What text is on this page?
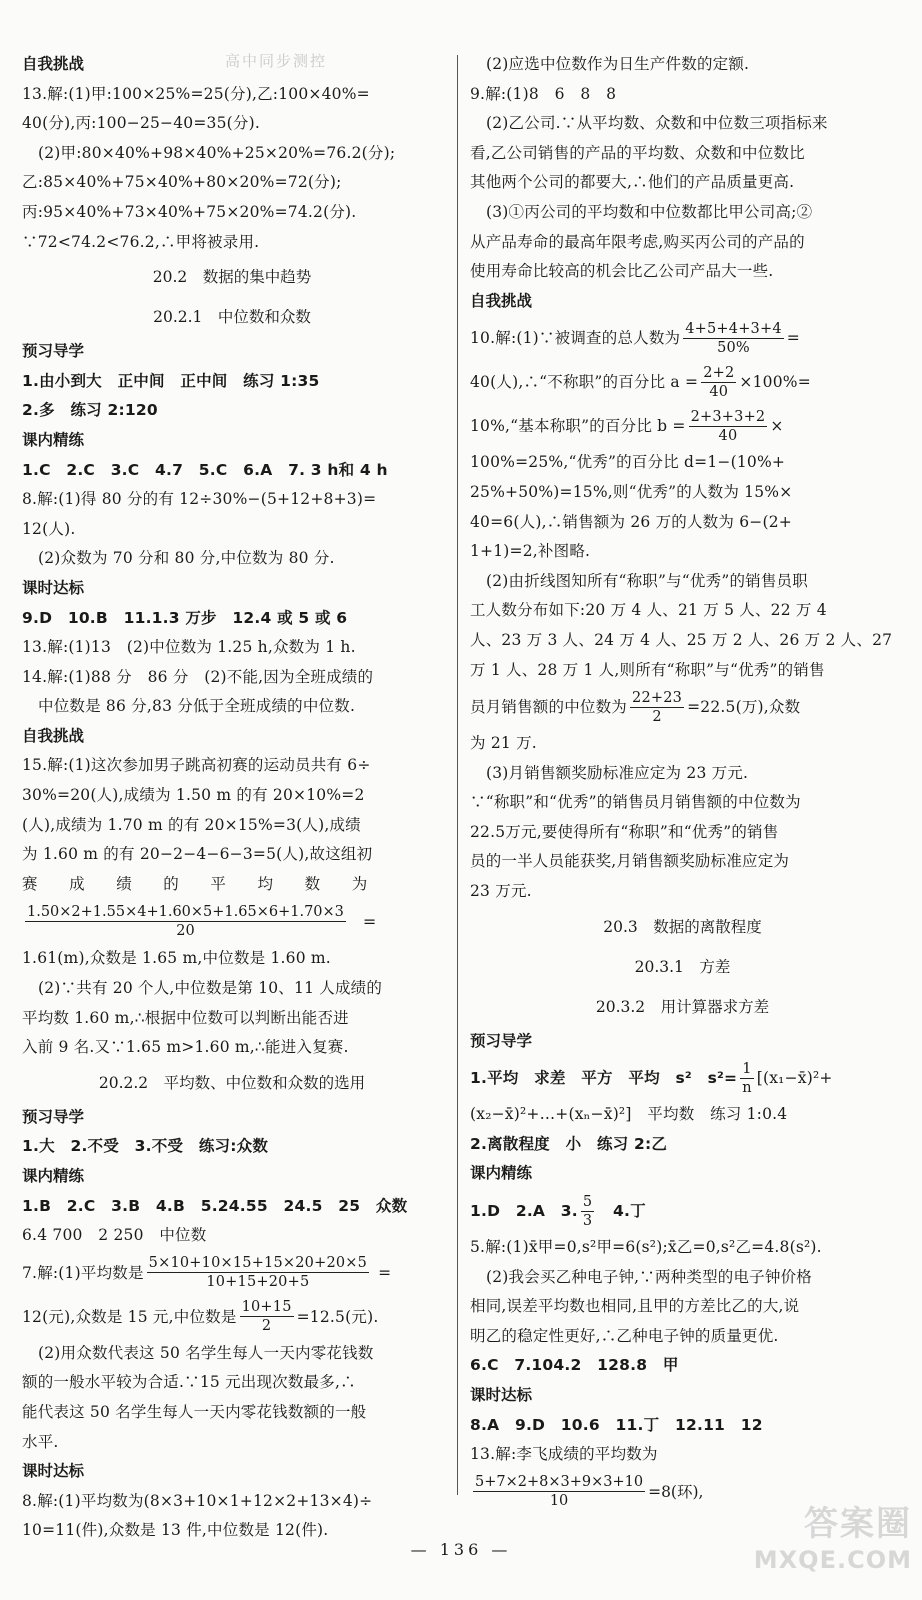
高中同步测控
自我挑战
13.解:(1)甲:100×25%=25(分),乙:100×40%=
40(分),丙:100−25−40=35(分).
(2)甲:80×40%+98×40%+25×20%=76.2(分);
乙:85×40%+75×40%+80×20%=72(分);
丙:95×40%+73×40%+75×20%=74.2(分).
∵72<74.2<76.2,∴甲将被录用.
20.2　数据的集中趋势
20.2.1　中位数和众数
预习导学
1.由小到大　正中间　正中间　练习 1:35
2.多　练习 2:120
课内精练
1.C　2.C　3.C　4.7　5.C　6.A　7. 3 h和 4 h
8.解:(1)得 80 分的有 12÷30%−(5+12+8+3)=
12(人).
(2)众数为 70 分和 80 分,中位数为 80 分.
课时达标
9.D　10.B　11.1.3 万步　12.4 或 5 或 6
13.解:(1)13　(2)中位数为 1.25 h,众数为 1 h.
14.解:(1)88 分　86 分　(2)不能,因为全班成绩的
中位数是 86 分,83 分低于全班成绩的中位数.
自我挑战
15.解:(1)这次参加男子跳高初赛的运动员共有 6÷
30%=20(人),成绩为 1.50 m 的有 20×10%=2
(人),成绩为 1.70 m 的有 20×15%=3(人),成绩
为 1.60 m 的有 20−2−4−6−3=5(人),故这组初
赛　　成　　绩　　的　　平　　均　　数　　为
$\frac{1.50\times 2+1.55\times 4+1.60\times 5+1.65\times 6+1.70\times 3}{20}$ =
1.61(m),众数是 1.65 m,中位数是 1.60 m.
(2)∵共有 20 个人,中位数是第 10、11 人成绩的
平均数 1.60 m,∴根据中位数可以判断出能否进
入前 9 名.又∵1.65 m>1.60 m,∴能进入复赛.
20.2.2　平均数、中位数和众数的选用
预习导学
1.大　2.不受　3.不受　练习:众数
课内精练
1.B　2.C　3.B　4.B　5.24.55　24.5　25　众数
6.4 700　2 250　中位数
7.解:(1)平均数是 $\frac{5\times 10+10\times 15+15\times 20+20\times 5}{10+15+20+5}$ =
12(元),众数是 15 元,中位数是 $\frac{10+15}{2} =12.5$(元).
(2)用众数代表这 50 名学生每人一天内零花钱数
额的一般水平较为合适.∵15 元出现次数最多,∴
能代表这 50 名学生每人一天内零花钱数额的一般
水平.
课时达标
8.解:(1)平均数为(8×3+10×1+12×2+13×4)÷
10=11(件),众数是 13 件,中位数是 12(件).
(2)应选中位数作为日生产件数的定额.
9.解:(1)8　6　8　8
(2)乙公司.∵从平均数、众数和中位数三项指标来
看,乙公司销售的产品的平均数、众数和中位数比
其他两个公司的都要大,∴他们的产品质量更高.
(3)①丙公司的平均数和中位数都比甲公司高;②
从产品寿命的最高年限考虑,购买丙公司的产品的
使用寿命比较高的机会比乙公司产品大一些.
自我挑战
10.解:(1)∵被调查的总人数为 $\frac{4+5+4+3+4}{50\%}$ =
40(人),∴“不称职”的百分比 $a = \frac{2+2}{40} \times 100\%=$
10%,“基本称职”的百分比 $b = \frac{2+3+3+2}{40}$ ×
100%=25%,“优秀”的百分比 d=1−(10%+
25%+50%)=15%,则“优秀”的人数为 15%×
40=6(人),∴销售额为 26 万的人数为 6−(2+
1+1)=2,补图略.
(2)由折线图知所有“称职”与“优秀”的销售员职
工人数分布如下:20 万 4 人、21 万 5 人、22 万 4
人、23 万 3 人、24 万 4 人、25 万 2 人、26 万 2 人、27
万 1 人、28 万 1 人,则所有“称职”与“优秀”的销售
员月销售额的中位数为 $\frac{22+23}{2} =22.5$(万),众数
为 21 万.
(3)月销售额奖励标准应定为 23 万元.
∵“称职”和“优秀”的销售员月销售额的中位数为
22.5万元,要使得所有“称职”和“优秀”的销售
员的一半人员能获奖,月销售额奖励标准应定为
23 万元.
20.3　数据的离散程度
20.3.1　方差
20.3.2　用计算器求方差
预习导学
1.平均　求差　平方　平均　s²　$s^2= \frac{1}{n}$ [(x₁−x̄)²+
(x₂−x̄)²+…+(xₙ−x̄)²]　平均数　练习 1:0.4
2.离散程度　小　练习 2:乙
课内精练
1.D　2.A　3. $\frac{5}{3}$ 　4.丁
5.解:(1)x̄甲=0,s²甲=6(s²);x̄乙=0,s²乙=4.8(s²).
(2)我会买乙种电子钟,∵两种类型的电子钟价格
相同,误差平均数也相同,且甲的方差比乙的大,说
明乙的稳定性更好,∴乙种电子钟的质量更优.
6.C　7.104.2　128.8　甲
课时达标
8.A　9.D　10.6　11.丁　12.11　12
13.解:李飞成绩的平均数为
$\frac{5+7\times 2+8\times 3+9\times 3+10}{10} =8$(环),
— 136 —
答案圈
MXQE.COM
